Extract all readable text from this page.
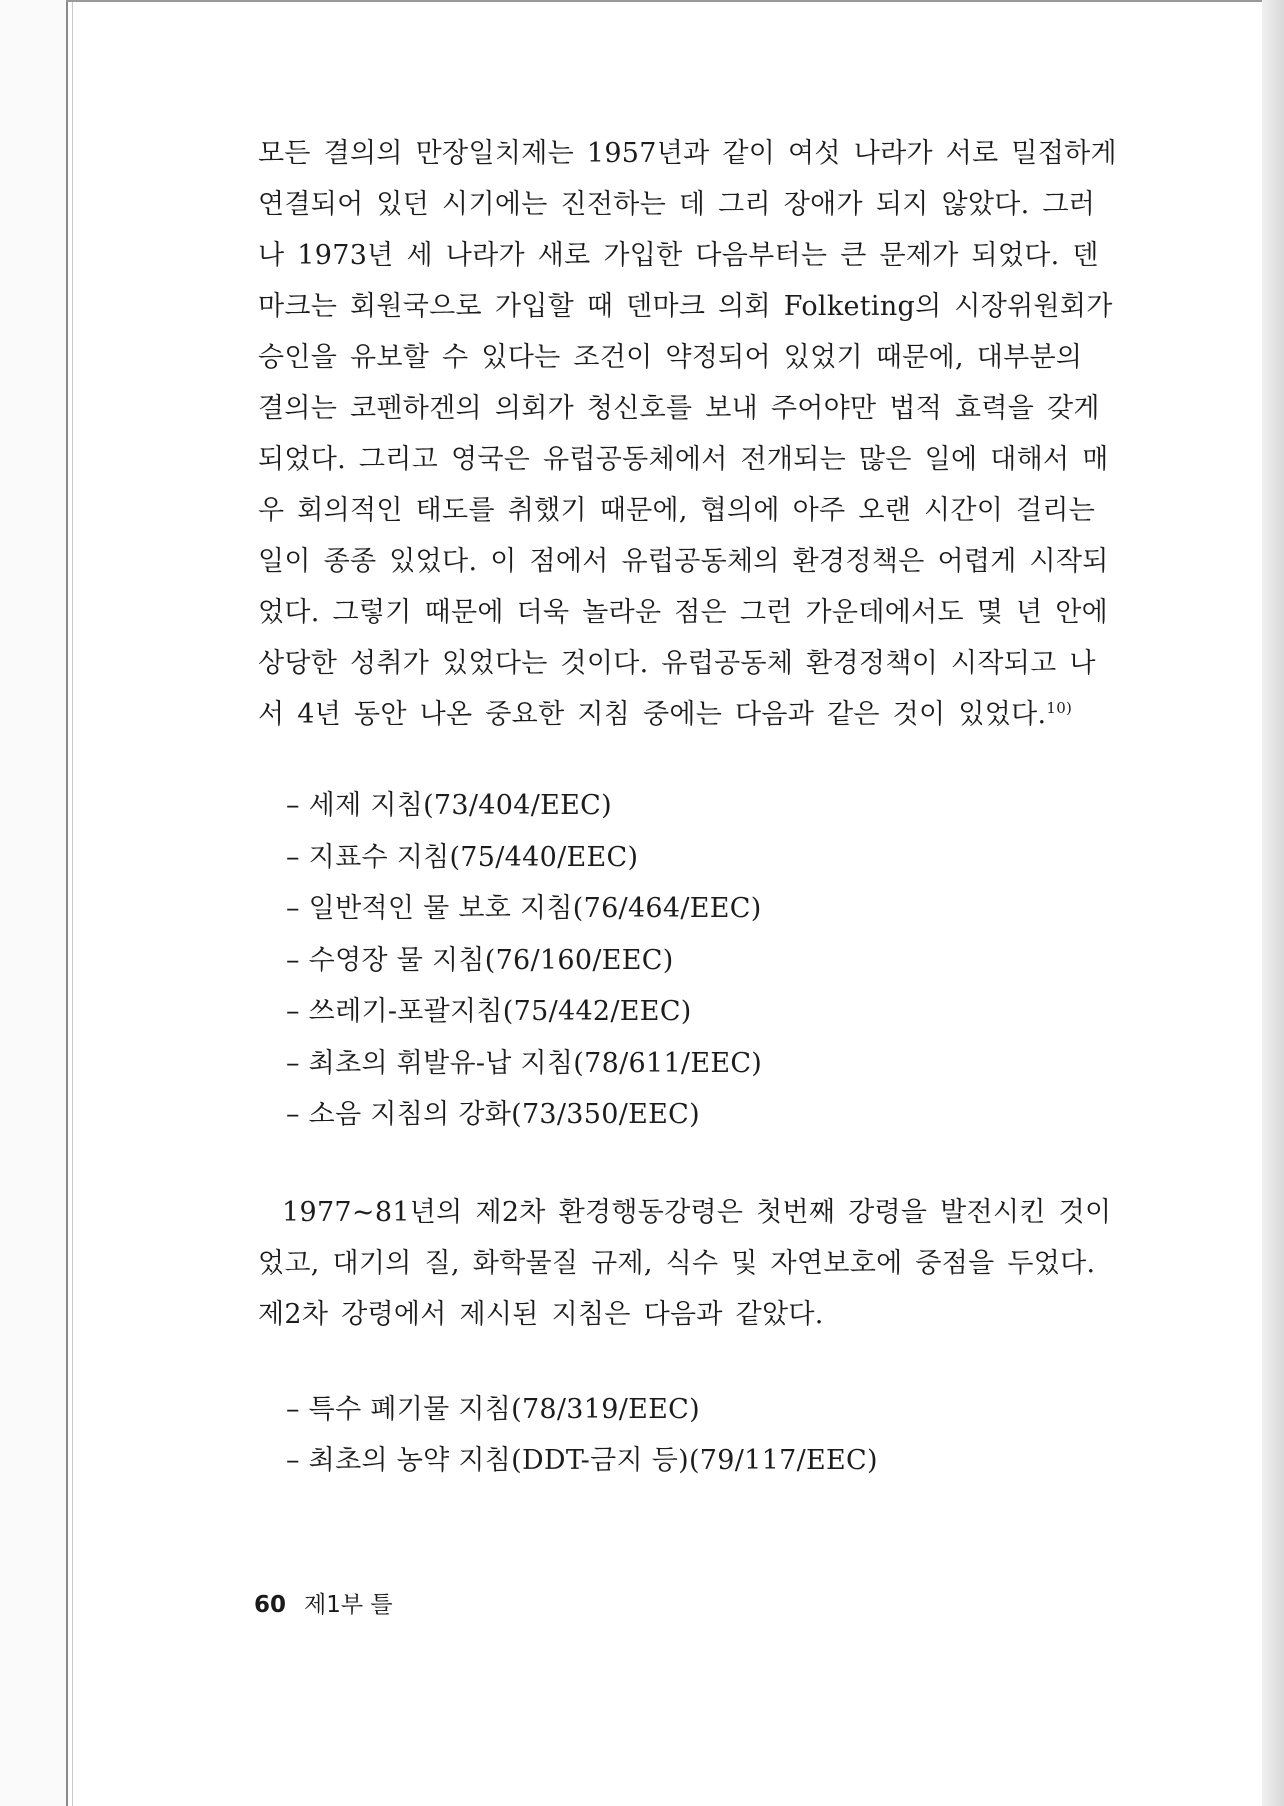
모든 결의의 만장일치제는 1957년과 같이 여섯 나라가 서로 밀접하게
연결되어 있던 시기에는 진전하는 데 그리 장애가 되지 않았다. 그러
나 1973년 세 나라가 새로 가입한 다음부터는 큰 문제가 되었다. 덴
마크는 회원국으로 가입할 때 덴마크 의회 Folketing의 시장위원회가
승인을 유보할 수 있다는 조건이 약정되어 있었기 때문에, 대부분의
결의는 코펜하겐의 의회가 청신호를 보내 주어야만 법적 효력을 갖게
되었다. 그리고 영국은 유럽공동체에서 전개되는 많은 일에 대해서 매
우 회의적인 태도를 취했기 때문에, 협의에 아주 오랜 시간이 걸리는
일이 종종 있었다. 이 점에서 유럽공동체의 환경정책은 어렵게 시작되
었다. 그렇기 때문에 더욱 놀라운 점은 그런 가운데에서도 몇 년 안에
상당한 성취가 있었다는 것이다. 유럽공동체 환경정책이 시작되고 나
서 4년 동안 나온 중요한 지침 중에는 다음과 같은 것이 있었다.$^{10)}$

– 세제 지침(73/404/EEC)
– 지표수 지침(75/440/EEC)
– 일반적인 물 보호 지침(76/464/EEC)
– 수영장 물 지침(76/160/EEC)
– 쓰레기-포괄지침(75/442/EEC)
– 최초의 휘발유-납 지침(78/611/EEC)
– 소음 지침의 강화(73/350/EEC)

1977~81년의 제2차 환경행동강령은 첫번째 강령을 발전시킨 것이
었고, 대기의 질, 화학물질 규제, 식수 및 자연보호에 중점을 두었다.
제2차 강령에서 제시된 지침은 다음과 같았다.

– 특수 폐기물 지침(78/319/EEC)
– 최초의 농약 지침(DDT-금지 등)(79/117/EEC)
60 제1부 틀
